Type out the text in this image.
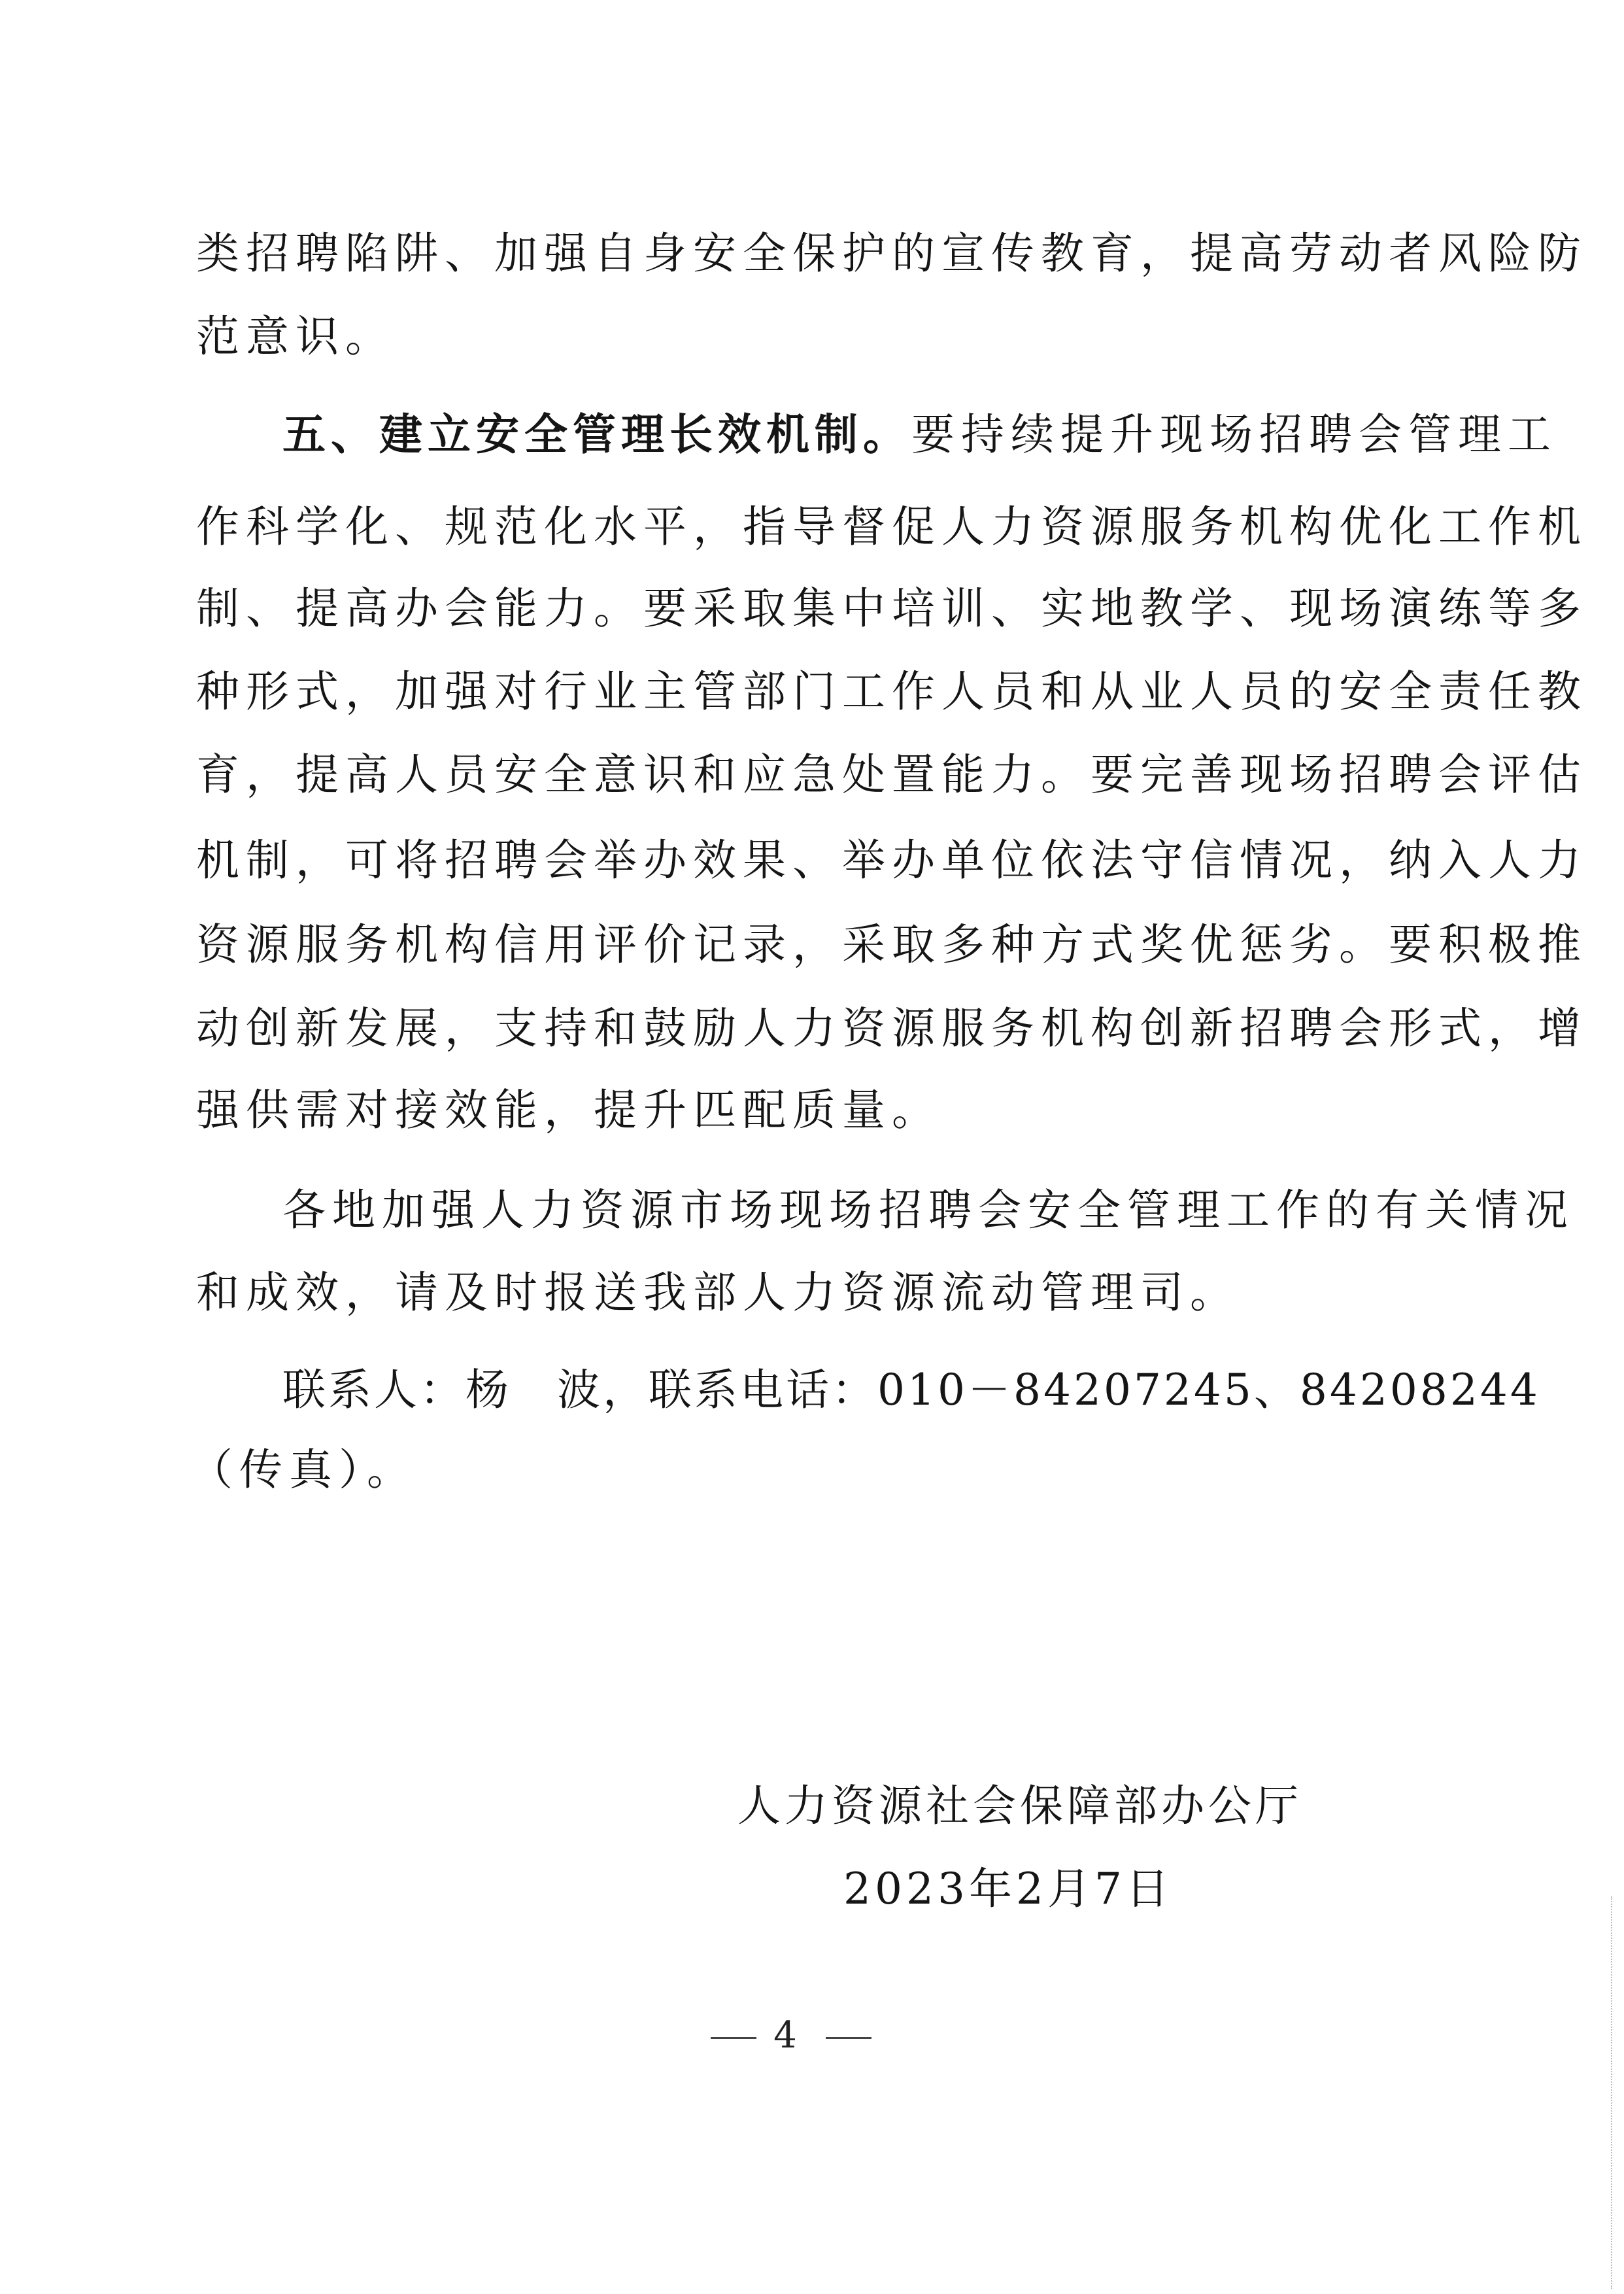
类招聘陷阱、加强自身安全保护的宣传教育，提高劳动者风险防
范意识。
五、建立安全管理长效机制。要持续提升现场招聘会管理工
作科学化、规范化水平，指导督促人力资源服务机构优化工作机
制、提高办会能力。要采取集中培训、实地教学、现场演练等多
种形式，加强对行业主管部门工作人员和从业人员的安全责任教
育，提高人员安全意识和应急处置能力。要完善现场招聘会评估
机制，可将招聘会举办效果、举办单位依法守信情况，纳入人力
资源服务机构信用评价记录，采取多种方式奖优惩劣。要积极推
动创新发展，支持和鼓励人力资源服务机构创新招聘会形式，增
强供需对接效能，提升匹配质量。
各地加强人力资源市场现场招聘会安全管理工作的有关情况
和成效，请及时报送我部人力资源流动管理司。
联系人：杨　波，联系电话：010－84207245、84208244
（传真）。
人力资源社会保障部办公厅
2023年2月7日
4
